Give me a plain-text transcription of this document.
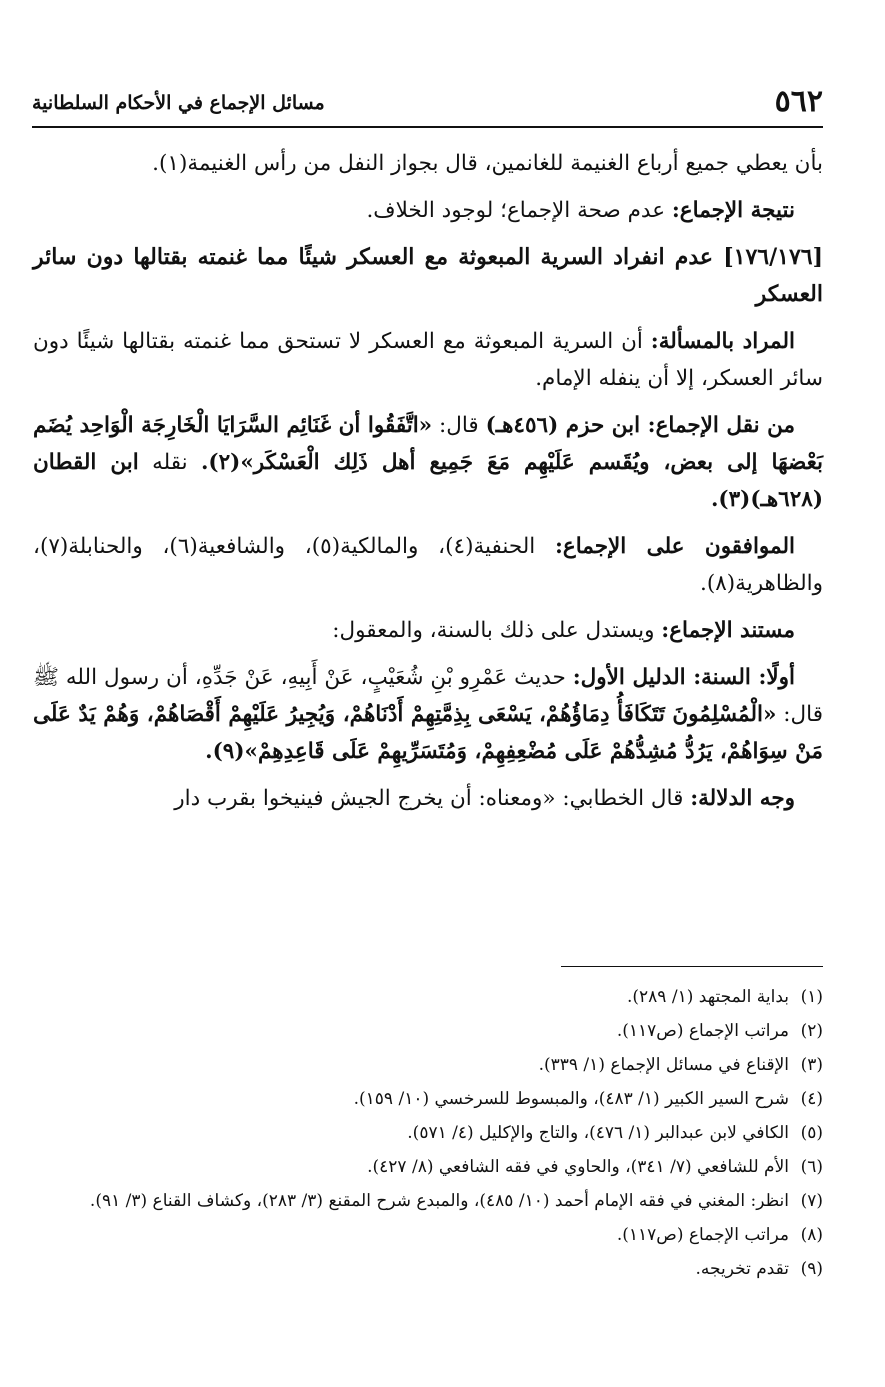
٥٦٢
مسائل الإجماع في الأحكام السلطانية

بأن يعطي جميع أرباع الغنيمة للغانمين، قال بجواز النفل من رأس الغنيمة(١).

نتيجة الإجماع: عدم صحة الإجماع؛ لوجود الخلاف.

[١٧٦/١٧٦] عدم انفراد السرية المبعوثة مع العسكر شيئًا مما غنمته بقتالها دون سائر العسكر

المراد بالمسألة: أن السرية المبعوثة مع العسكر لا تستحق مما غنمته بقتالها شيئًا دون سائر العسكر، إلا أن ينفله الإمام.

من نقل الإجماع: ابن حزم (٤٥٦هـ) قال: «اتَّفَقُوا أن غَنَائِم السَّرَايَا الْخَارِجَة الْوَاحِد يُضَم بَعْضهَا إلى بعض، ويُقَسم عَلَيْهِم مَعَ جَمِيع أهل ذَلِك الْعَسْكَر»(٢). نقله ابن القطان (٦٢٨هـ)(٣).

الموافقون على الإجماع: الحنفية(٤)، والمالكية(٥)، والشافعية(٦)، والحنابلة(٧)، والظاهرية(٨).

مستند الإجماع: ويستدل على ذلك بالسنة، والمعقول:

أولًا: السنة: الدليل الأول: حديث عَمْرِو بْنِ شُعَيْبٍ، عَنْ أَبِيهِ، عَنْ جَدِّهِ، أن رسول الله ﷺ قال: «الْمُسْلِمُونَ تَتَكَافَأُ دِمَاؤُهُمْ، يَسْعَى بِذِمَّتِهِمْ أَدْنَاهُمْ، وَيُجِيرُ عَلَيْهِمْ أَقْصَاهُمْ، وَهُمْ يَدٌ عَلَى مَنْ سِوَاهُمْ، يَرُدُّ مُشِدُّهُمْ عَلَى مُضْعِفِهِمْ، وَمُتَسَرِّيهِمْ عَلَى قَاعِدِهِمْ»(٩).

وجه الدلالة: قال الخطابي: «ومعناه: أن يخرج الجيش فينيخوا بقرب دار

(١)
بداية المجتهد (١/ ٢٨٩).
(٢)
مراتب الإجماع (ص١١٧).
(٣)
الإقناع في مسائل الإجماع (١/ ٣٣٩).
(٤)
شرح السير الكبير (١/ ٤٨٣)، والمبسوط للسرخسي (١٠/ ١٥٩).
(٥)
الكافي لابن عبدالبر (١/ ٤٧٦)، والتاج والإكليل (٤/ ٥٧١).
(٦)
الأم للشافعي (٧/ ٣٤١)، والحاوي في فقه الشافعي (٨/ ٤٢٧).
(٧)
انظر: المغني في فقه الإمام أحمد (١٠/ ٤٨٥)، والمبدع شرح المقنع (٣/ ٢٨٣)، وكشاف القناع (٣/ ٩١).
(٨)
مراتب الإجماع (ص١١٧).
(٩)
تقدم تخريجه.
